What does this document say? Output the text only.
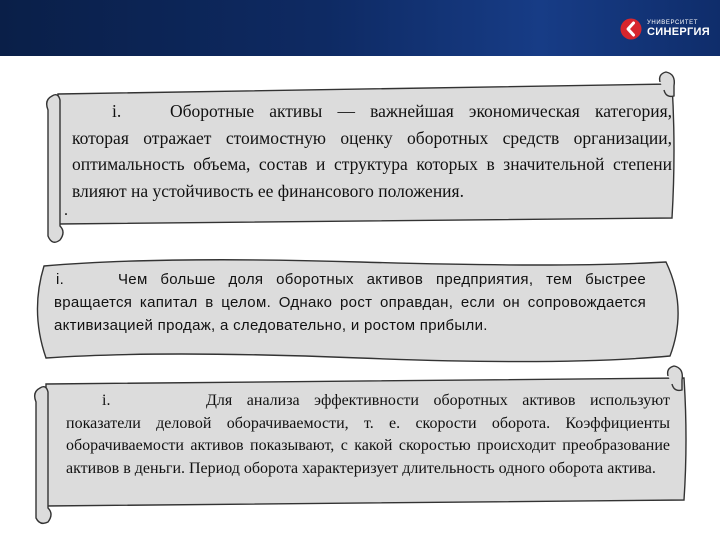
УНИВЕРСИТЕТ
СИНЕРГИЯ
i.	Оборотные активы — важнейшая экономическая категория, которая отражает стоимостную оценку оборотных средств организации, оптимальность объема, состав и структура которых в значительной степени влияют на устойчивость ее финансового положения.
.
i.	Чем больше доля оборотных активов предприятия, тем быстрее вращается капитал в целом. Однако рост оправдан, если он сопровождается активизацией продаж, а следовательно, и ростом прибыли.
i.	Для анализа эффективности оборотных активов используют показатели деловой оборачиваемости, т. е. скорости оборота. Коэффициенты оборачиваемости активов показывают, с какой скоростью происходит преобразование активов в деньги. Период оборота характеризует длительность одного оборота актива.
